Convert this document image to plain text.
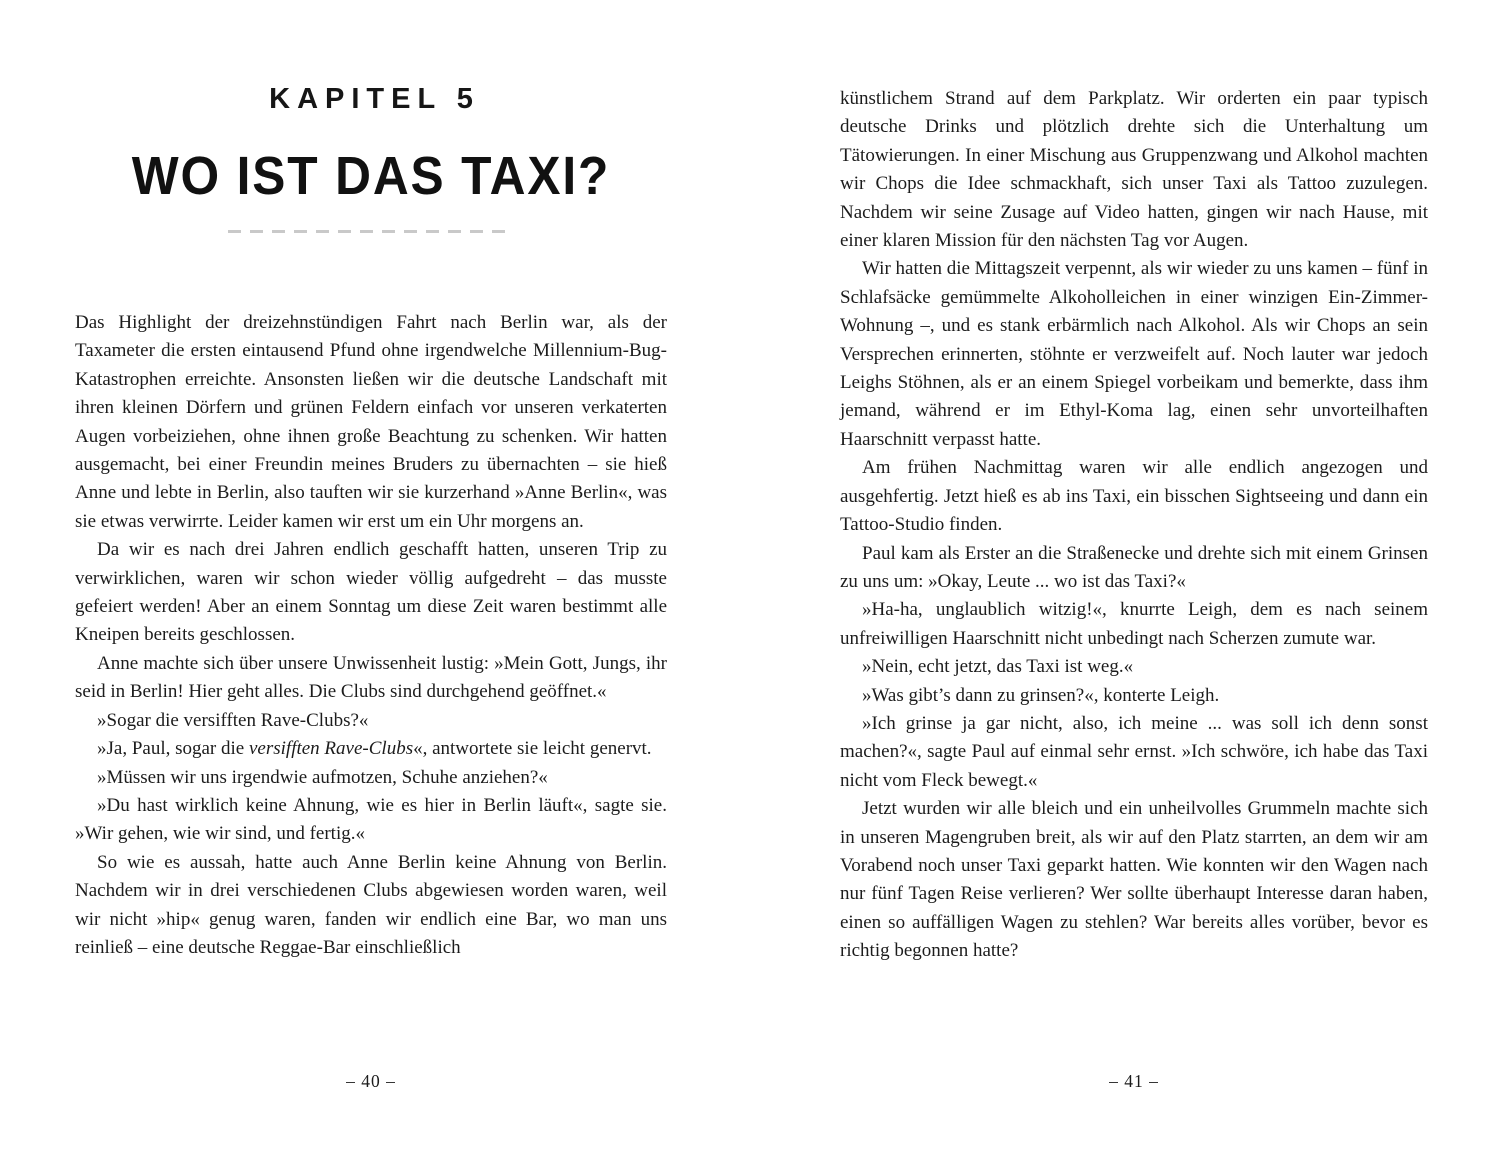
KAPITEL 5
WO IST DAS TAXI?

Das Highlight der dreizehnstündigen Fahrt nach Berlin war, als der Taxameter die ersten eintausend Pfund ohne irgendwelche Millennium-Bug-Katastrophen erreichte. Ansonsten ließen wir die deutsche Landschaft mit ihren kleinen Dörfern und grünen Feldern einfach vor unseren verkaterten Augen vorbeiziehen, ohne ihnen große Beachtung zu schenken. Wir hatten ausgemacht, bei einer Freundin meines Bruders zu übernachten – sie hieß Anne und lebte in Berlin, also tauften wir sie kurzerhand »Anne Berlin«, was sie etwas verwirrte. Leider kamen wir erst um ein Uhr morgens an.

Da wir es nach drei Jahren endlich geschafft hatten, unseren Trip zu verwirklichen, waren wir schon wieder völlig aufgedreht – das musste gefeiert werden! Aber an einem Sonntag um diese Zeit waren bestimmt alle Kneipen bereits geschlossen.

Anne machte sich über unsere Unwissenheit lustig: »Mein Gott, Jungs, ihr seid in Berlin! Hier geht alles. Die Clubs sind durchgehend geöffnet.«

»Sogar die versifften Rave-Clubs?«

»Ja, Paul, sogar die versifften Rave-Clubs«, antwortete sie leicht genervt.

»Müssen wir uns irgendwie aufmotzen, Schuhe anziehen?«

»Du hast wirklich keine Ahnung, wie es hier in Berlin läuft«, sagte sie. »Wir gehen, wie wir sind, und fertig.«

So wie es aussah, hatte auch Anne Berlin keine Ahnung von Berlin. Nachdem wir in drei verschiedenen Clubs abgewiesen worden waren, weil wir nicht »hip« genug waren, fanden wir endlich eine Bar, wo man uns reinließ – eine deutsche Reggae-Bar einschließlich

– 40 –

künstlichem Strand auf dem Parkplatz. Wir orderten ein paar typisch deutsche Drinks und plötzlich drehte sich die Unterhaltung um Tätowierungen. In einer Mischung aus Gruppenzwang und Alkohol machten wir Chops die Idee schmackhaft, sich unser Taxi als Tattoo zuzulegen. Nachdem wir seine Zusage auf Video hatten, gingen wir nach Hause, mit einer klaren Mission für den nächsten Tag vor Augen.

Wir hatten die Mittagszeit verpennt, als wir wieder zu uns kamen – fünf in Schlafsäcke gemümmelte Alkoholleichen in einer winzigen Ein-Zimmer-Wohnung –, und es stank erbärmlich nach Alkohol. Als wir Chops an sein Versprechen erinnerten, stöhnte er verzweifelt auf. Noch lauter war jedoch Leighs Stöhnen, als er an einem Spiegel vorbeikam und bemerkte, dass ihm jemand, während er im Ethyl-Koma lag, einen sehr unvorteilhaften Haarschnitt verpasst hatte.

Am frühen Nachmittag waren wir alle endlich angezogen und ausgehfertig. Jetzt hieß es ab ins Taxi, ein bisschen Sightseeing und dann ein Tattoo-Studio finden.

Paul kam als Erster an die Straßenecke und drehte sich mit einem Grinsen zu uns um: »Okay, Leute ... wo ist das Taxi?«

»Ha-ha, unglaublich witzig!«, knurrte Leigh, dem es nach seinem unfreiwilligen Haarschnitt nicht unbedingt nach Scherzen zumute war.

»Nein, echt jetzt, das Taxi ist weg.«

»Was gibt’s dann zu grinsen?«, konterte Leigh.

»Ich grinse ja gar nicht, also, ich meine ... was soll ich denn sonst machen?«, sagte Paul auf einmal sehr ernst. »Ich schwöre, ich habe das Taxi nicht vom Fleck bewegt.«

Jetzt wurden wir alle bleich und ein unheilvolles Grummeln machte sich in unseren Magengruben breit, als wir auf den Platz starrten, an dem wir am Vorabend noch unser Taxi geparkt hatten. Wie konnten wir den Wagen nach nur fünf Tagen Reise verlieren? Wer sollte überhaupt Interesse daran haben, einen so auffälligen Wagen zu stehlen? War bereits alles vorüber, bevor es richtig begonnen hatte?

– 41 –
